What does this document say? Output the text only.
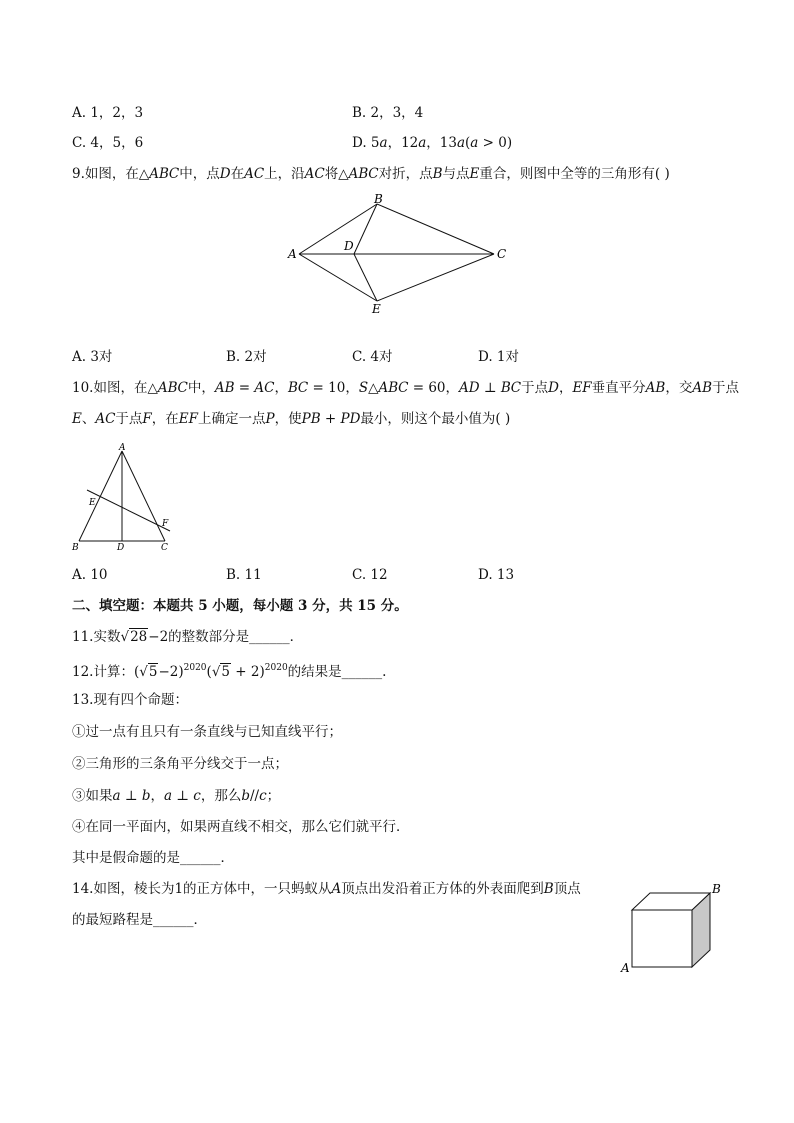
A. 1，2，3	B. 2，3，4
C. 4，5，6	D. 5𝑎，12𝑎，13𝑎(𝑎 > 0)
9.如图，在△𝐴𝐵𝐶中，点𝐷在𝐴𝐶上，沿𝐴𝐶将△𝐴𝐵𝐶对折，点𝐵与点𝐸重合，则图中全等的三角形有( )
B
A
D
C
E
A. 3对	B. 2对	C. 4对	D. 1对
10.如图，在△𝐴𝐵𝐶中，𝐴𝐵 = 𝐴𝐶，𝐵𝐶 = 10，𝑆△𝐴𝐵𝐶 = 60，𝐴𝐷 ⊥ 𝐵𝐶于点𝐷，𝐸𝐹垂直平分𝐴𝐵，交𝐴𝐵于点
𝐸、𝐴𝐶于点𝐹，在𝐸𝐹上确定一点𝑃，使𝑃𝐵 + 𝑃𝐷最小，则这个最小值为( )
A
E
F
B	D	C
A. 10	B. 11	C. 12	D. 13
二、填空题：本题共 5 小题，每小题 3 分，共 15 分。
11.实数√28−2的整数部分是______．
12.计算：$(√5-2)^{2020}(√5 + 2)^{2020}$的结果是______.
13.现有四个命题：
①过一点有且只有一条直线与已知直线平行；
②三角形的三条角平分线交于一点；
③如果𝑎 ⊥ 𝑏，𝑎 ⊥ 𝑐，那么𝑏//𝑐；
④在同一平面内，如果两直线不相交，那么它们就平行．
其中是假命题的是______．
14.如图，棱长为1的正方体中，一只蚂蚁从𝐴顶点出发沿着正方体的外表面爬到𝐵顶点
的最短路程是______．
B
A
